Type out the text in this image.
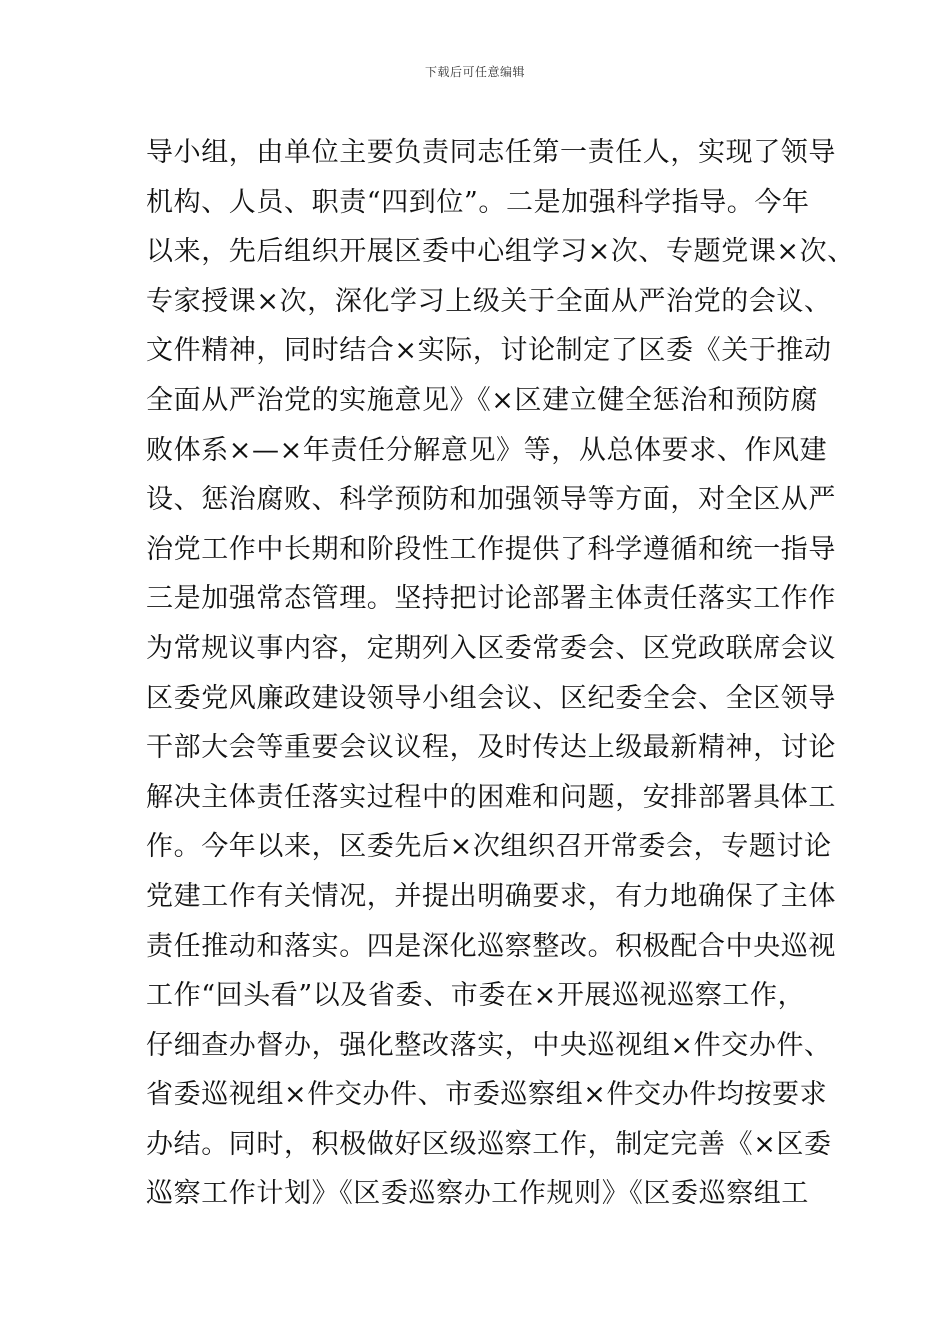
下载后可任意编辑
导小组，由单位主要负责同志任第一责任人，实现了领导
机构、人员、职责“四到位”。二是加强科学指导。今年
以来，先后组织开展区委中心组学习×次、专题党课×次、
专家授课×次，深化学习上级关于全面从严治党的会议、
文件精神，同时结合×实际，讨论制定了区委《关于推动
全面从严治党的实施意见》《×区建立健全惩治和预防腐
败体系×—×年责任分解意见》等，从总体要求、作风建
设、惩治腐败、科学预防和加强领导等方面，对全区从严
治党工作中长期和阶段性工作提供了科学遵循和统一指导
三是加强常态管理。坚持把讨论部署主体责任落实工作作
为常规议事内容，定期列入区委常委会、区党政联席会议
区委党风廉政建设领导小组会议、区纪委全会、全区领导
干部大会等重要会议议程，及时传达上级最新精神，讨论
解决主体责任落实过程中的困难和问题，安排部署具体工
作。今年以来，区委先后×次组织召开常委会，专题讨论
党建工作有关情况，并提出明确要求，有力地确保了主体
责任推动和落实。四是深化巡察整改。积极配合中央巡视
工作“回头看”以及省委、市委在×开展巡视巡察工作，
仔细查办督办，强化整改落实，中央巡视组×件交办件、
省委巡视组×件交办件、市委巡察组×件交办件均按要求
办结。同时，积极做好区级巡察工作，制定完善《×区委
巡察工作计划》《区委巡察办工作规则》《区委巡察组工
